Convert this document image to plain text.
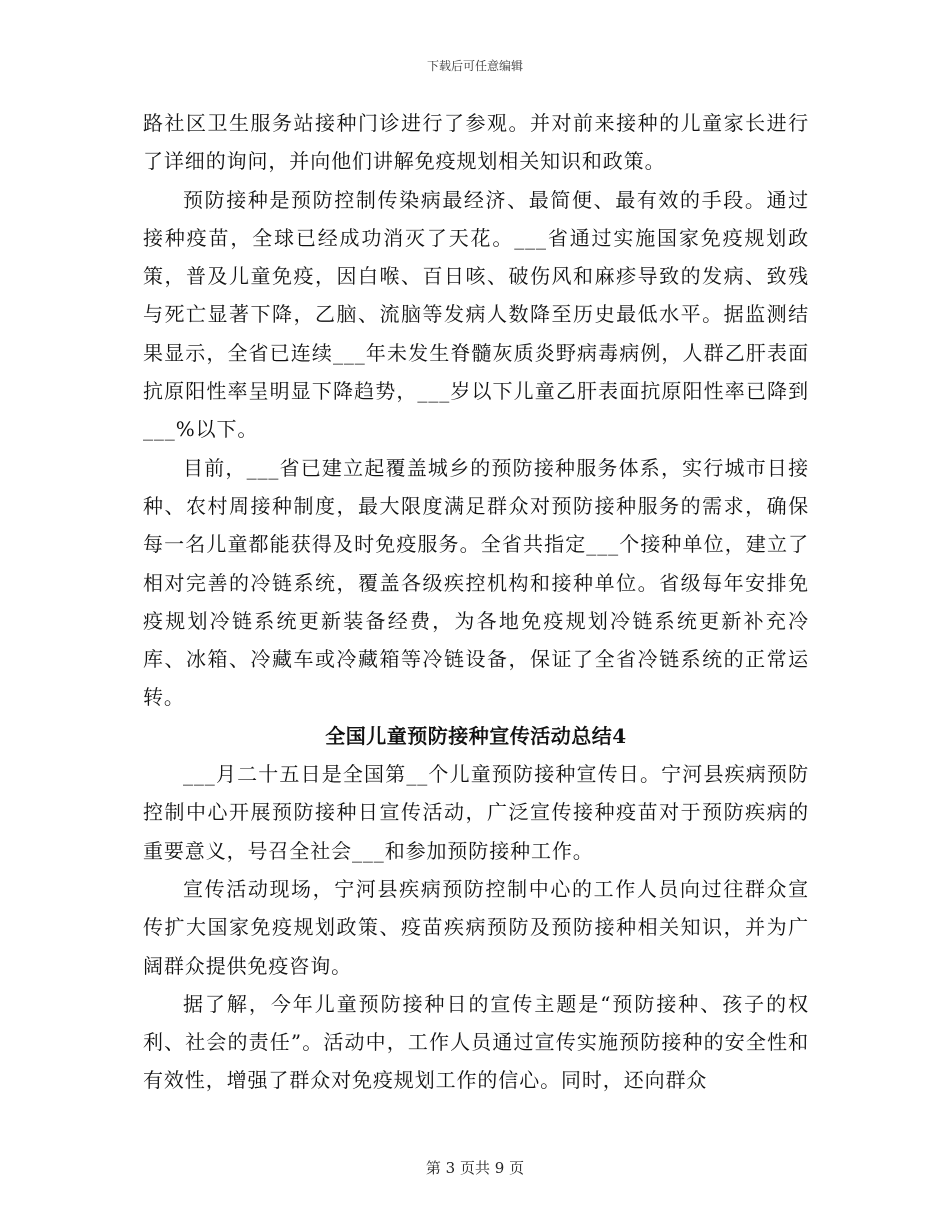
下载后可任意编辑

路社区卫生服务站接种门诊进行了参观。并对前来接种的儿童家长进行了详细的询问，并向他们讲解免疫规划相关知识和政策。

预防接种是预防控制传染病最经济、最简便、最有效的手段。通过接种疫苗，全球已经成功消灭了天花。___省通过实施国家免疫规划政策，普及儿童免疫，因白喉、百日咳、破伤风和麻疹导致的发病、致残与死亡显著下降，乙脑、流脑等发病人数降至历史最低水平。据监测结果显示，全省已连续___年未发生脊髓灰质炎野病毒病例，人群乙肝表面抗原阳性率呈明显下降趋势，___岁以下儿童乙肝表面抗原阳性率已降到___%以下。

目前，___省已建立起覆盖城乡的预防接种服务体系，实行城市日接种、农村周接种制度，最大限度满足群众对预防接种服务的需求，确保每一名儿童都能获得及时免疫服务。全省共指定___个接种单位，建立了相对完善的冷链系统，覆盖各级疾控机构和接种单位。省级每年安排免疫规划冷链系统更新装备经费，为各地免疫规划冷链系统更新补充冷库、冰箱、冷藏车或冷藏箱等冷链设备，保证了全省冷链系统的正常运转。

全国儿童预防接种宣传活动总结4

___月二十五日是全国第__个儿童预防接种宣传日。宁河县疾病预防控制中心开展预防接种日宣传活动，广泛宣传接种疫苗对于预防疾病的重要意义，号召全社会___和参加预防接种工作。

宣传活动现场，宁河县疾病预防控制中心的工作人员向过往群众宣传扩大国家免疫规划政策、疫苗疾病预防及预防接种相关知识，并为广阔群众提供免疫咨询。

据了解，今年儿童预防接种日的宣传主题是“预防接种、孩子的权利、社会的责任”。活动中，工作人员通过宣传实施预防接种的安全性和有效性，增强了群众对免疫规划工作的信心。同时，还向群众

第 3 页共 9 页
